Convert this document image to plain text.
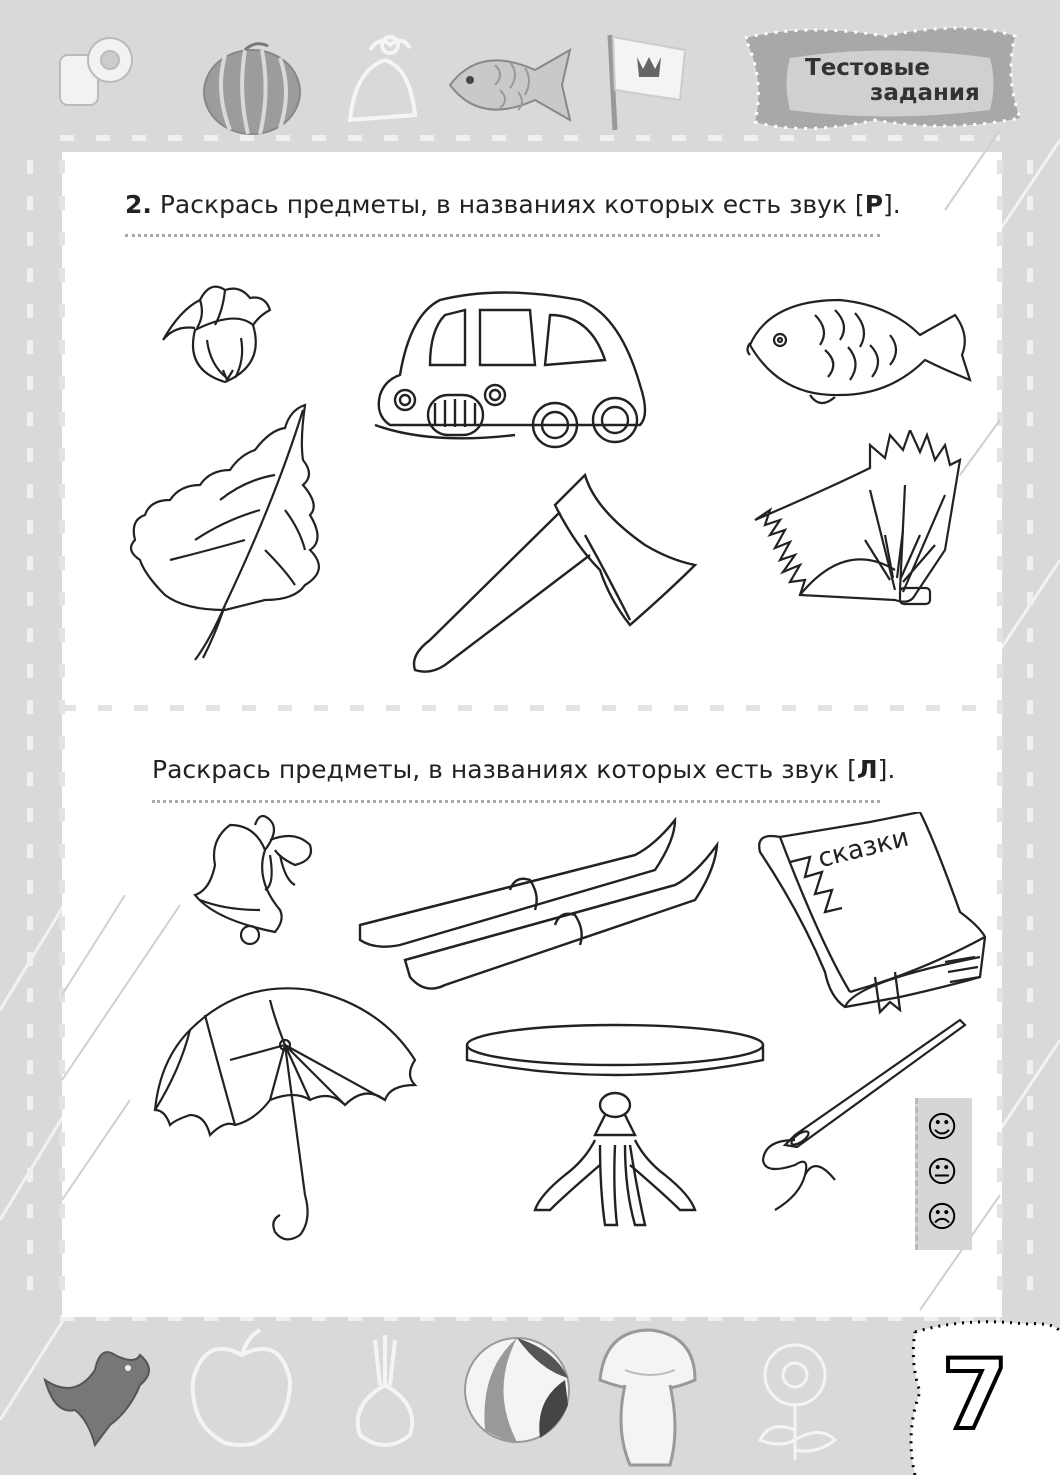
Тестовые
задания
2. Раскрась предметы, в названиях которых есть звук [Р].
Раскрась предметы, в названиях которых есть звук [Л].
сказки
☺
😐
☹
7
